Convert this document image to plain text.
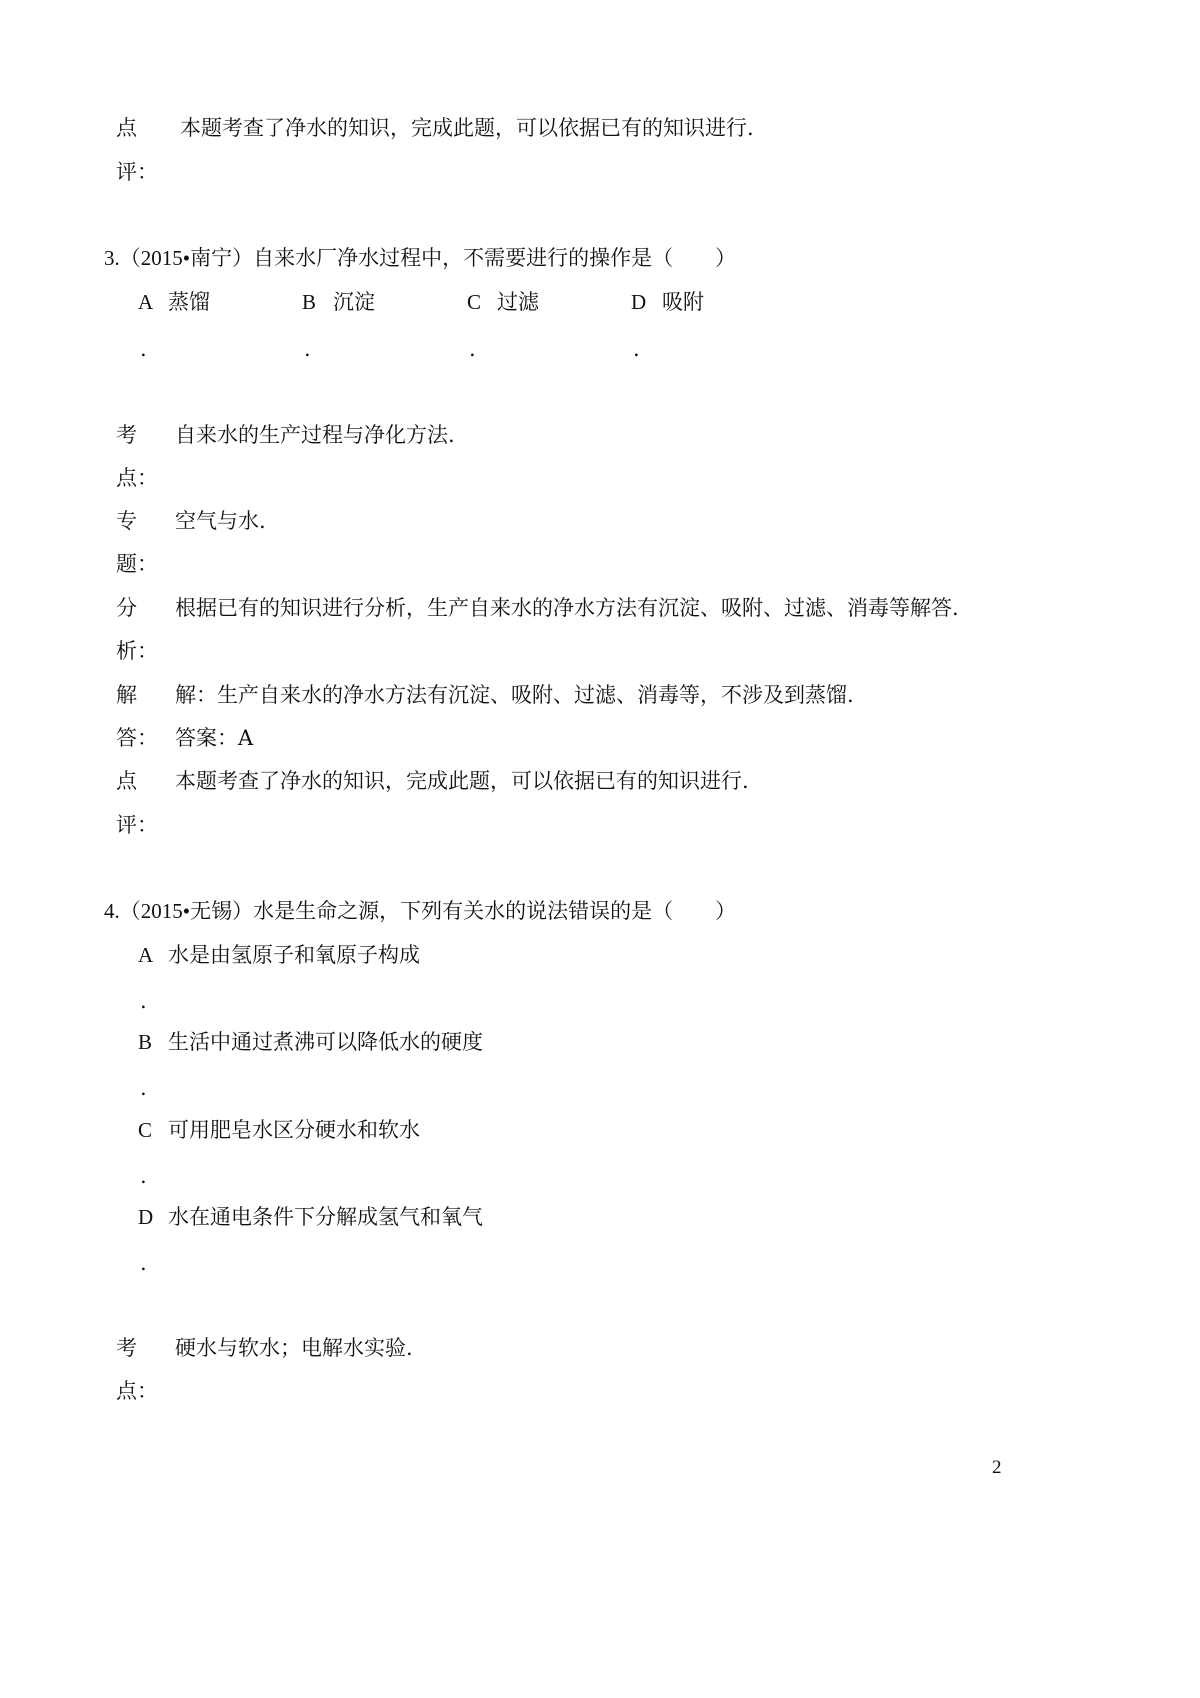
点 本题考查了净水的知识，完成此题，可以依据已有的知识进行.
评：
3.（2015•南宁）自来水厂净水过程中，不需要进行的操作是（　　）
A 蒸馏
.
B 沉淀
.
C 过滤
.
D 吸附
.
考 自来水的生产过程与净化方法.
点：
专 空气与水.
题：
分 根据已有的知识进行分析，生产自来水的净水方法有沉淀、吸附、过滤、消毒等解答.
析：
解 解：生产自来水的净水方法有沉淀、吸附、过滤、消毒等，不涉及到蒸馏.
答： 答案：A
点 本题考查了净水的知识，完成此题，可以依据已有的知识进行.
评：
4.（2015•无锡）水是生命之源，下列有关水的说法错误的是（　　）
A 水是由氢原子和氧原子构成
.
B 生活中通过煮沸可以降低水的硬度
.
C 可用肥皂水区分硬水和软水
.
D 水在通电条件下分解成氢气和氧气
.
考 硬水与软水；电解水实验.
点：
2
